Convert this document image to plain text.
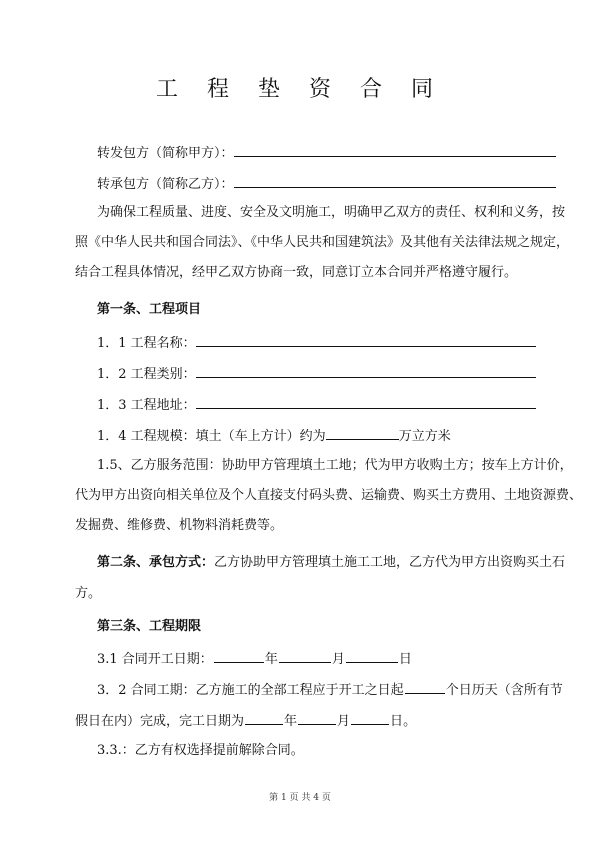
工 程 垫 资 合 同
转发包方（简称甲方）：
转承包方（简称乙方）：
为确保工程质量、进度、安全及文明施工，明确甲乙双方的责任、权利和义务，按
照《中华人民共和国合同法》、《中华人民共和国建筑法》及其他有关法律法规之规定，
结合工程具体情况，经甲乙双方协商一致，同意订立本合同并严格遵守履行。
第一条、工程项目
1．1 工程名称：
1．2 工程类别：
1．3 工程地址：
1．4 工程规模：填土（车上方计）约为	万立方米
1.5、乙方服务范围：协助甲方管理填土工地；代为甲方收购土方；按车上方计价，
代为甲方出资向相关单位及个人直接支付码头费、运输费、购买土方费用、土地资源费、
发掘费、维修费、机物料消耗费等。
第二条、承包方式：乙方协助甲方管理填土施工工地，乙方代为甲方出资购买土石
方。
第三条、工程期限
3.1 合同开工日期：	年	月	日
3．2 合同工期：乙方施工的全部工程应于开工之日起	个日历天（含所有节
假日在内）完成，完工日期为	年	月	日。
3.3.：乙方有权选择提前解除合同。
第 1 页 共 4 页
